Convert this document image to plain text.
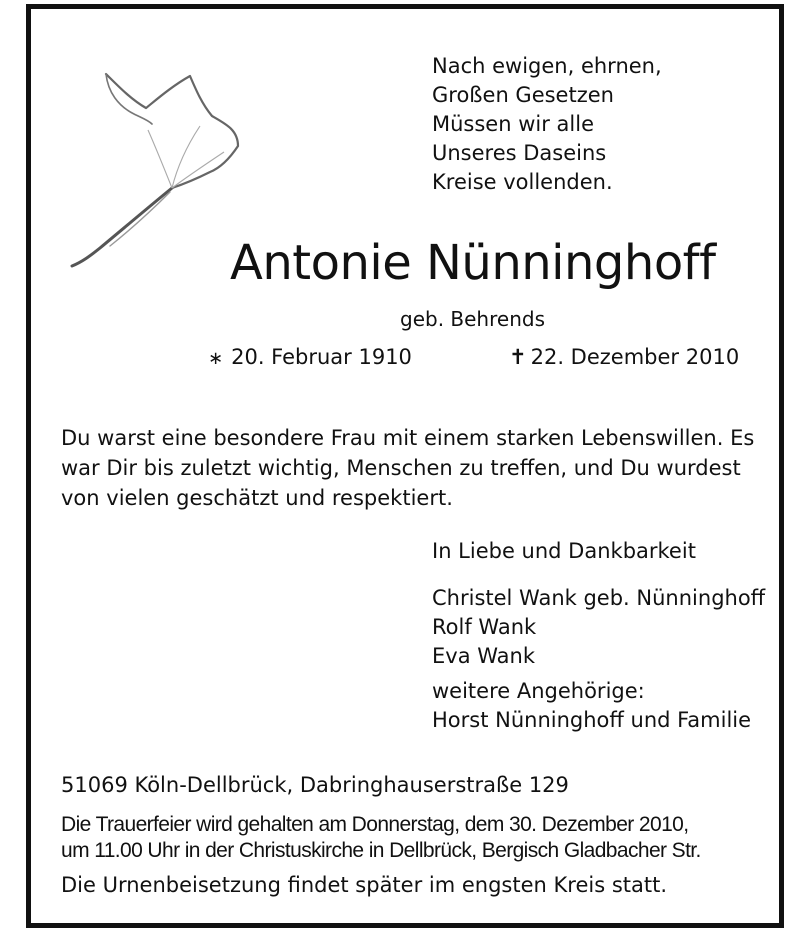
Nach ewigen, ehrnen,
Großen Gesetzen
Müssen wir alle
Unseres Daseins
Kreise vollenden.
Antonie Nünninghoff
geb. Behrends
∗ 20. Februar 1910	✝ 22. Dezember 2010
Du warst eine besondere Frau mit einem starken Lebenswillen. Es
war Dir bis zuletzt wichtig, Menschen zu treffen, und Du wurdest
von vielen geschätzt und respektiert.
In Liebe und Dankbarkeit
Christel Wank geb. Nünninghoff
Rolf Wank
Eva Wank
weitere Angehörige:
Horst Nünninghoff und Familie
51069 Köln-Dellbrück, Dabringhauserstraße 129
Die Trauerfeier wird gehalten am Donnerstag, dem 30. Dezember 2010,
um 11.00 Uhr in der Christuskirche in Dellbrück, Bergisch Gladbacher Str.
Die Urnenbeisetzung findet später im engsten Kreis statt.
